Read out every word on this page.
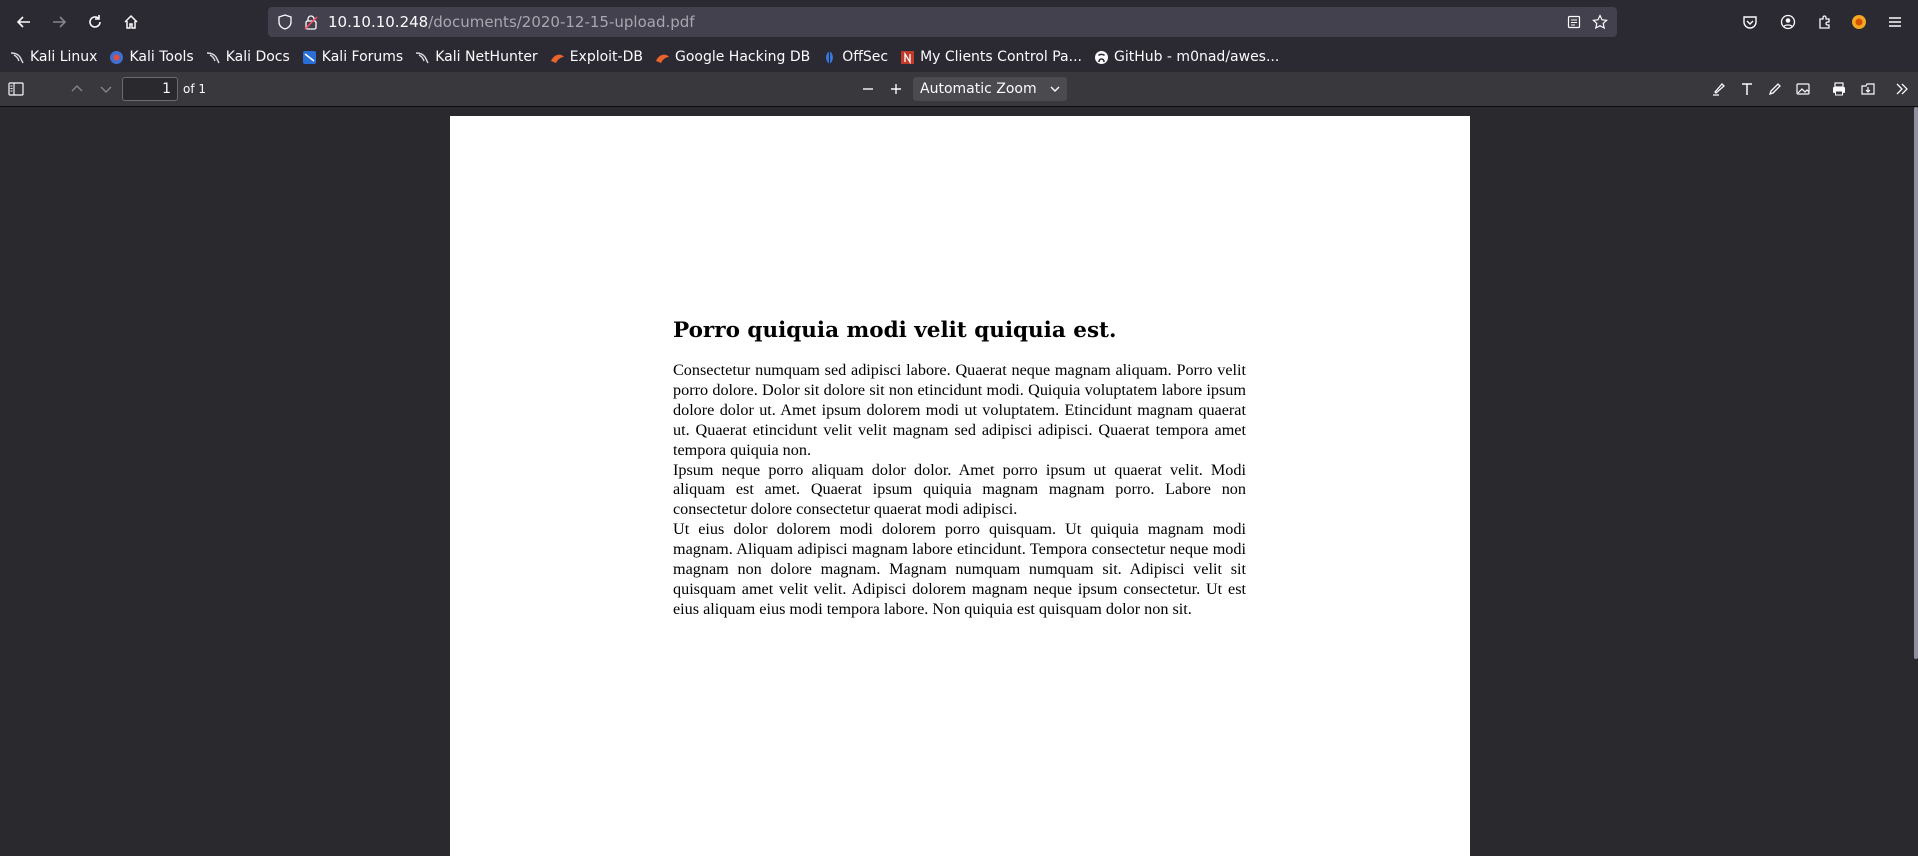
10.10.10.248/documents/2020-12-15-upload.pdf
Kali Linux Kali Tools Kali Docs Kali Forums Kali NetHunter Exploit-DB Google Hacking DB OffSec My Clients Control Pa... GitHub - m0nad/awes...
1	of 1	Automatic Zoom
Porro quiquia modi velit quiquia est.

Consectetur numquam sed adipisci labore. Quaerat neque magnam aliquam. Porro velit porro dolore. Dolor sit dolore sit non etincidunt modi. Quiquia voluptatem labore ipsum dolore dolor ut. Amet ipsum dolorem modi ut voluptatem. Etincidunt magnam quaerat ut. Quaerat etincidunt velit velit magnam sed adipisci adipisci. Quaerat tempora amet tempora quiquia non.

Ipsum neque porro aliquam dolor dolor. Amet porro ipsum ut quaerat velit. Modi aliquam est amet. Quaerat ipsum quiquia magnam magnam porro. Labore non consectetur dolore consectetur quaerat modi adipisci.

Ut eius dolor dolorem modi dolorem porro quisquam. Ut quiquia magnam modi magnam. Aliquam adipisci magnam labore etincidunt. Tempora consectetur neque modi magnam non dolore magnam. Magnam numquam numquam sit. Adipisci velit sit quisquam amet velit velit. Adipisci dolorem magnam neque ipsum consectetur. Ut est eius aliquam eius modi tempora labore. Non quiquia est quisquam dolor non sit.
